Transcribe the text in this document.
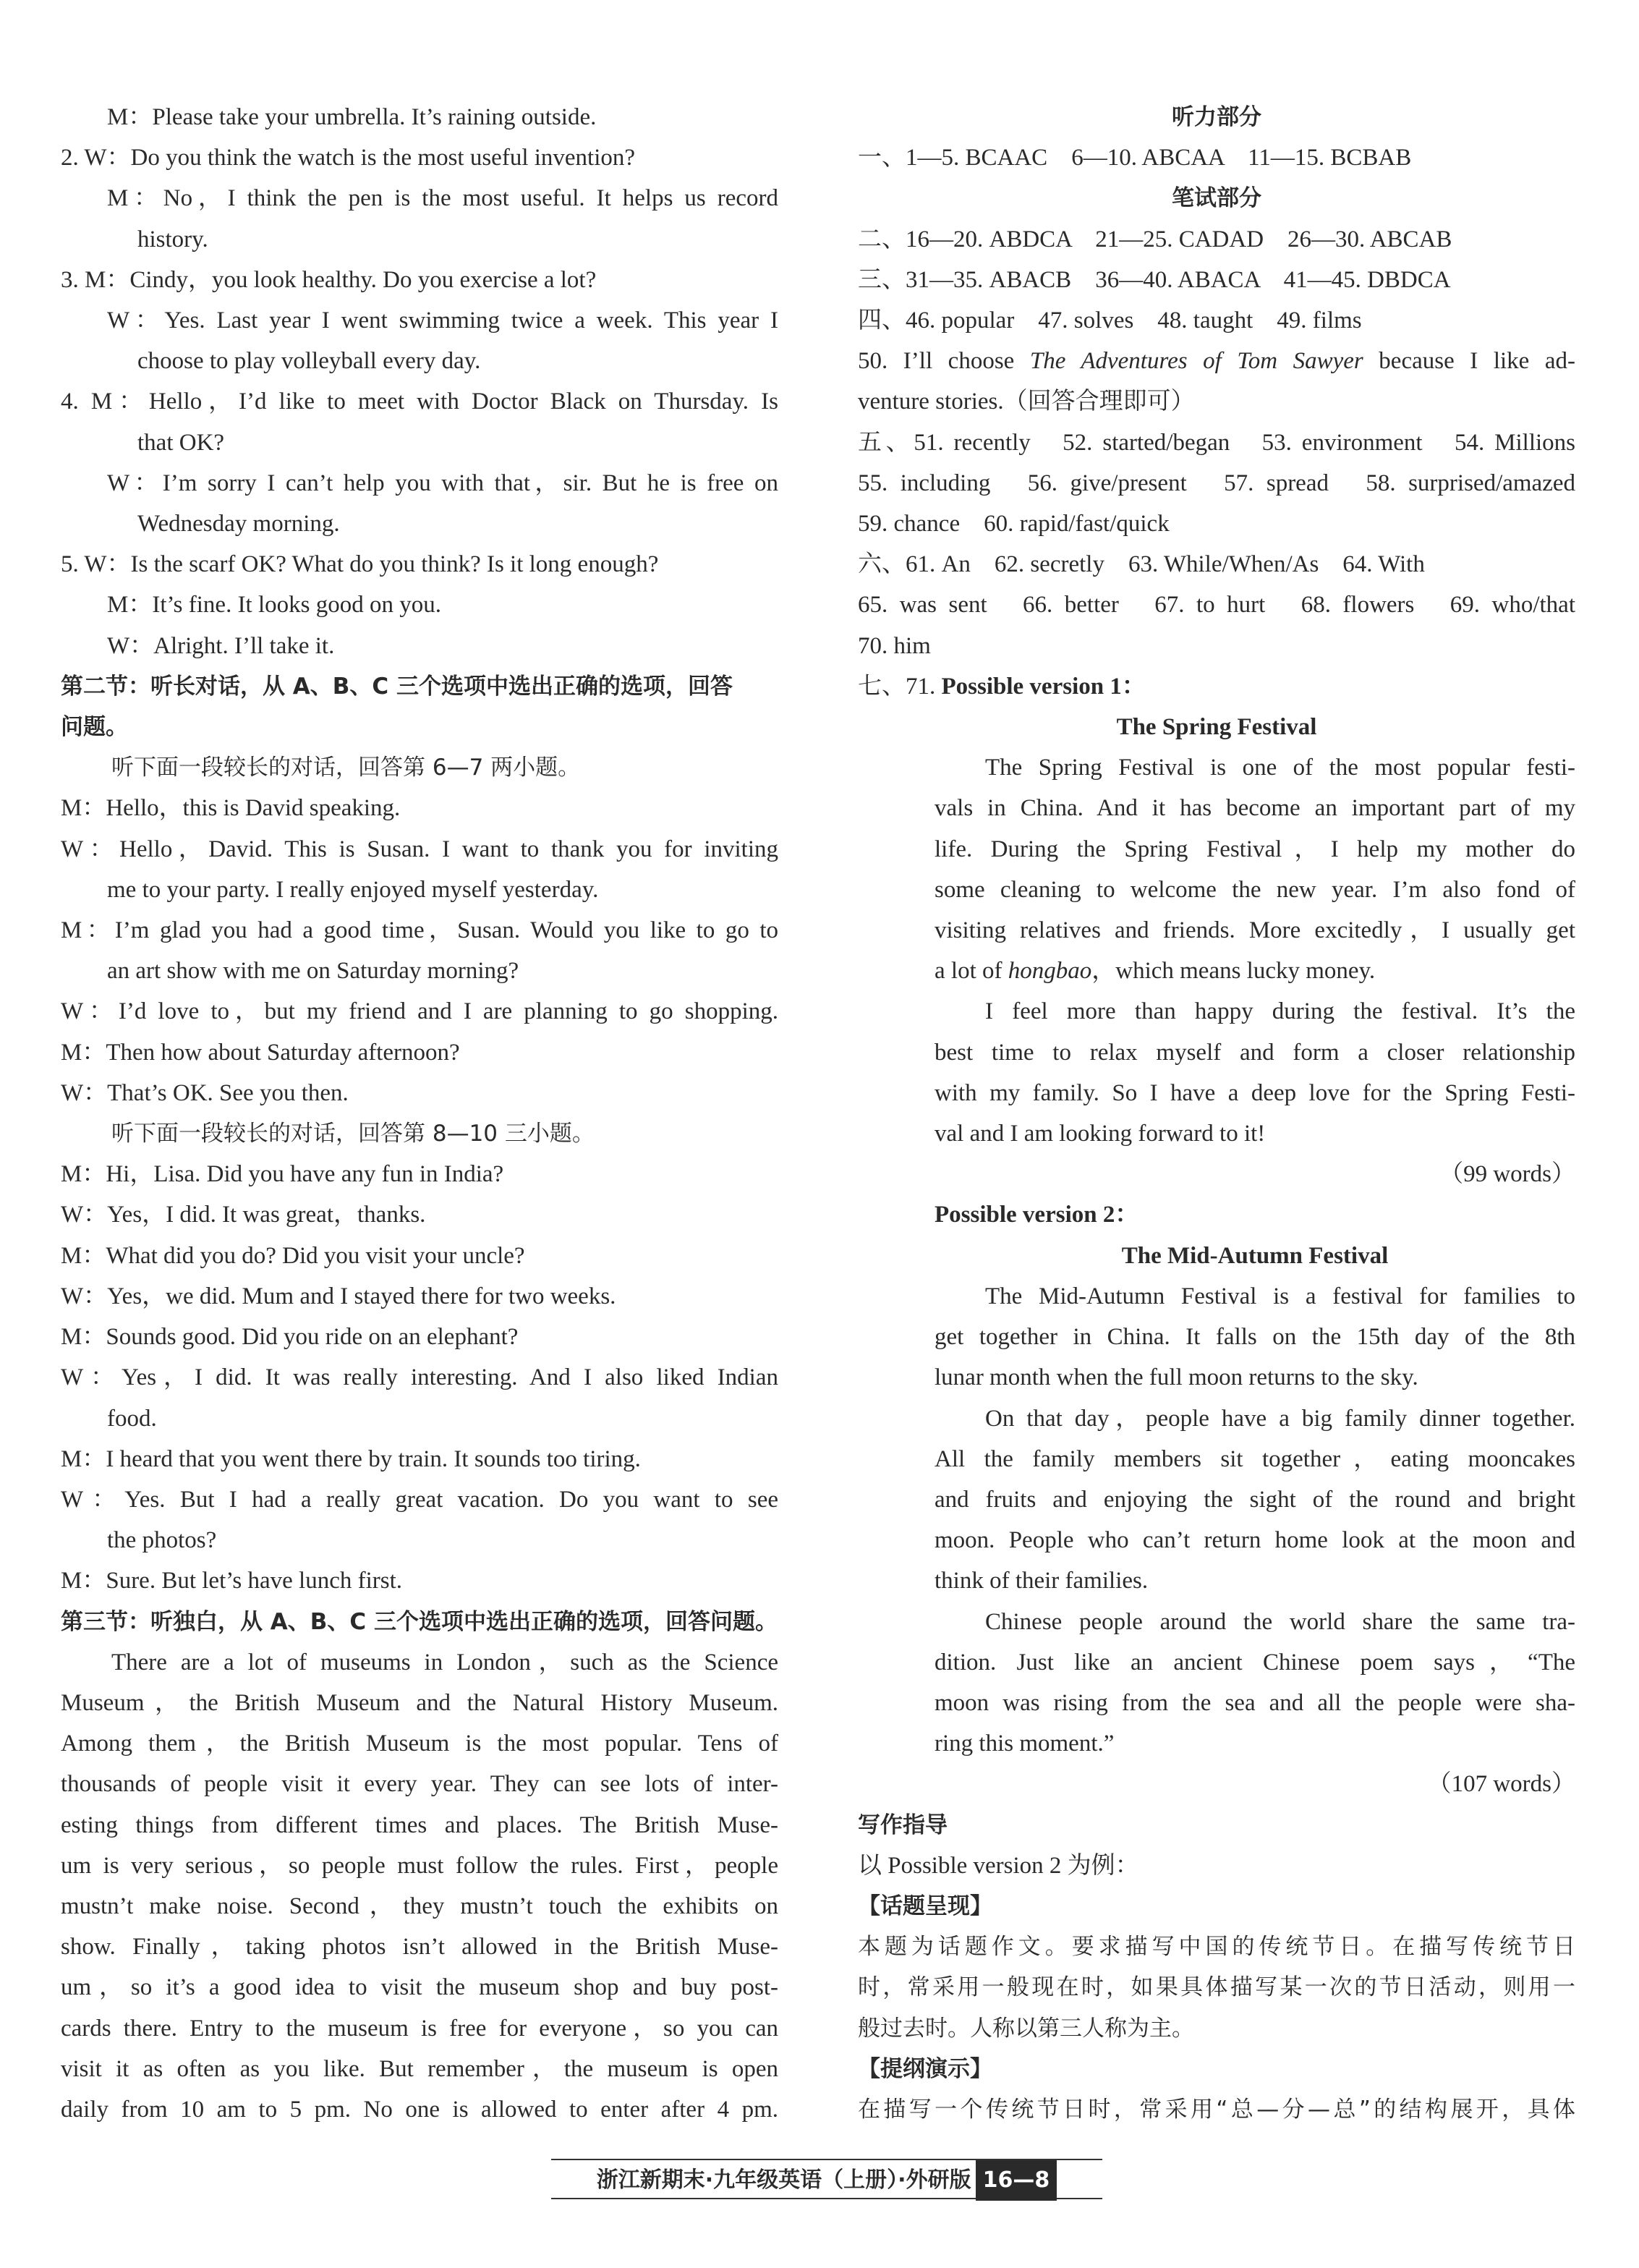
M：Please take your umbrella. It’s raining outside.
2. W：Do you think the watch is the most useful invention?
M：No，I think the pen is the most useful. It helps us record
history.
3. M：Cindy，you look healthy. Do you exercise a lot?
W：Yes. Last year I went swimming twice a week. This year I
choose to play volleyball every day.
4. M：Hello，I’d like to meet with Doctor Black on Thursday. Is
that OK?
W：I’m sorry I can’t help you with that，sir. But he is free on
Wednesday morning.
5. W：Is the scarf OK? What do you think? Is it long enough?
M：It’s fine. It looks good on you.
W：Alright. I’ll take it.
第二节：听长对话，从 A、B、C 三个选项中选出正确的选项，回答
问题。
听下面一段较长的对话，回答第 6—7 两小题。
M：Hello，this is David speaking.
W：Hello，David. This is Susan. I want to thank you for inviting
me to your party. I really enjoyed myself yesterday.
M：I’m glad you had a good time，Susan. Would you like to go to
an art show with me on Saturday morning?
W：I’d love to，but my friend and I are planning to go shopping.
M：Then how about Saturday afternoon?
W：That’s OK. See you then.
听下面一段较长的对话，回答第 8—10 三小题。
M：Hi，Lisa. Did you have any fun in India?
W：Yes，I did. It was great，thanks.
M：What did you do? Did you visit your uncle?
W：Yes，we did. Mum and I stayed there for two weeks.
M：Sounds good. Did you ride on an elephant?
W：Yes，I did. It was really interesting. And I also liked Indian
food.
M：I heard that you went there by train. It sounds too tiring.
W：Yes. But I had a really great vacation. Do you want to see
the photos?
M：Sure. But let’s have lunch first.
第三节：听独白，从 A、B、C 三个选项中选出正确的选项，回答问题。
There are a lot of museums in London，such as the Science
Museum，the British Museum and the Natural History Museum.
Among them，the British Museum is the most popular. Tens of
thousands of people visit it every year. They can see lots of inter-
esting things from different times and places. The British Muse-
um is very serious，so people must follow the rules. First，people
mustn’t make noise. Second，they mustn’t touch the exhibits on
show. Finally，taking photos isn’t allowed in the British Muse-
um，so it’s a good idea to visit the museum shop and buy post-
cards there. Entry to the museum is free for everyone，so you can
visit it as often as you like. But remember，the museum is open
daily from 10 am to 5 pm. No one is allowed to enter after 4 pm.
听力部分
一、1—5. BCAAC　6—10. ABCAA　11—15. BCBAB
笔试部分
二、16—20. ABDCA　21—25. CADAD　26—30. ABCAB
三、31—35. ABACB　36—40. ABACA　41—45. DBDCA
四、46. popular　47. solves　48. taught　49. films
50. I’ll choose The Adventures of Tom Sawyer because I like ad-
venture stories.（回答合理即可）
五、51. recently　52. started/began　53. environment　54. Millions
55. including　56. give/present　57. spread　58. surprised/amazed
59. chance　60. rapid/fast/quick
六、61. An　62. secretly　63. While/When/As　64. With
65. was sent　66. better　67. to hurt　68. flowers　69. who/that
70. him
七、71. Possible version 1：
The Spring Festival
The Spring Festival is one of the most popular festi-
vals in China. And it has become an important part of my
life. During the Spring Festival，I help my mother do
some cleaning to welcome the new year. I’m also fond of
visiting relatives and friends. More excitedly，I usually get
a lot of hongbao，which means lucky money.
I feel more than happy during the festival. It’s the
best time to relax myself and form a closer relationship
with my family. So I have a deep love for the Spring Festi-
val and I am looking forward to it!
（99 words）
Possible version 2：
The Mid-Autumn Festival
The Mid-Autumn Festival is a festival for families to
get together in China. It falls on the 15th day of the 8th
lunar month when the full moon returns to the sky.
On that day，people have a big family dinner together.
All the family members sit together，eating mooncakes
and fruits and enjoying the sight of the round and bright
moon. People who can’t return home look at the moon and
think of their families.
Chinese people around the world share the same tra-
dition. Just like an ancient Chinese poem says，“The
moon was rising from the sea and all the people were sha-
ring this moment.”
（107 words）
写作指导
以 Possible version 2 为例：
【话题呈现】
本题为话题作文。要求描写中国的传统节日。在描写传统节日
时，常采用一般现在时，如果具体描写某一次的节日活动，则用一
般过去时。人称以第三人称为主。
【提纲演示】
在描写一个传统节日时，常采用“总—分—总”的结构展开，具体
浙江新期末·九年级英语（上册）·外研版 16—8
